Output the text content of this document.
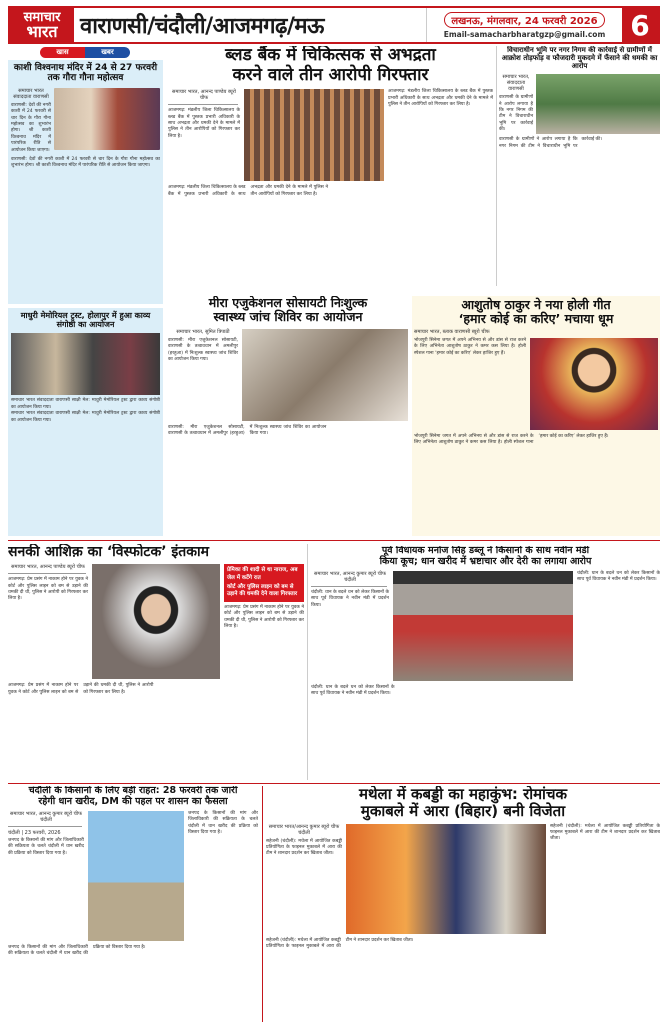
समाचार
भारत वाराणसी/चंदौली/आजमगढ़/मऊ	लखनऊ, मंगलवार, 24 फरवरी 2026
Email-samacharbharatgzp@gmail.com 6
खास	खबर
काशी विश्वनाथ मंदिर में 24 से 27 फरवरी तक गौरा गौना महोत्सव
समाचार भारत संवाददाता वाराणसी
वाराणसी: देवों की नगरी काशी में 24 फरवरी से चार दिन के गौरा गौना महोत्सव का शुभारंभ होगा। श्री काशी विश्वनाथ मंदिर में पारंपरिक रीति से आयोजन किया जाएगा।
वाराणसी: देवों की नगरी काशी में 24 फरवरी से चार दिन के गौरा गौना महोत्सव का शुभारंभ होगा। श्री काशी विश्वनाथ मंदिर में पारंपरिक रीति से आयोजन किया जाएगा।
ब्लड बैंक में चिकित्सक से अभद्रता
करने वाले तीन आरोपी गिरफ्तार
समाचार भारत, आनन्द पाण्डेय ब्यूरो चीफ
आजमगढ़: मंडलीय जिला चिकित्सालय के ब्लड बैंक में पुस्तक प्रभारी अधिकारी के साथ अभद्रता और धमकी देने के मामले में पुलिस ने तीन आरोपियों को गिरफ्तार कर लिया है।
आजमगढ़: मंडलीय जिला चिकित्सालय के ब्लड बैंक में पुस्तक प्रभारी अधिकारी के साथ अभद्रता और धमकी देने के मामले में पुलिस ने तीन आरोपियों को गिरफ्तार कर लिया है।
आजमगढ़: मंडलीय जिला चिकित्सालय के ब्लड बैंक में पुस्तक प्रभारी अधिकारी के साथ अभद्रता और धमकी देने के मामले में पुलिस ने तीन आरोपियों को गिरफ्तार कर लिया है।
विचाराधीन भूमि पर नगर निगम की कार्रवाई से ग्रामीणों में आक्रोश तोड़फोड़ व फौजदारी मुकदमे में फँसाने की धमकी का आरोप
समाचार भारत, संवाददाता वाराणसी
वाराणसी के ग्रामीणों ने आरोप लगाया है कि नगर निगम की टीम ने विचाराधीन भूमि पर कार्रवाई की।
वाराणसी के ग्रामीणों ने आरोप लगाया है कि नगर निगम की टीम ने विचाराधीन भूमि पर कार्रवाई की।
माधुरी मेमोरियल ट्रस्ट, होलापुर में हुआ काव्य संगोष्ठी का आयोजन
समाचार भारत संवाददाता वाराणसी साक्षी मेल: माधुरी मेमोरियल ट्रस्ट द्वारा काव्य संगोष्ठी का आयोजन किया गया।
समाचार भारत संवाददाता वाराणसी साक्षी मेल: माधुरी मेमोरियल ट्रस्ट द्वारा काव्य संगोष्ठी का आयोजन किया गया।
मीरा एजुकेशनल सोसायटी निःशुल्क
स्वास्थ्य जांच शिविर का आयोजन
समाचार भारत, सुमित त्रिपाठी
वाराणसी: मीरा एजुकेशनल सोसायटी, वाराणसी के तत्वावधान में अमलीपुर (हरहुआ) में निःशुल्क स्वास्थ्य जांच शिविर का आयोजन किया गया।
वाराणसी: मीरा एजुकेशनल सोसायटी, वाराणसी के तत्वावधान में अमलीपुर (हरहुआ) में निःशुल्क स्वास्थ्य जांच शिविर का आयोजन किया गया।
आशुतोष ठाकुर ने नया होली गीत
‘हमार कोई का करिए’ मचाया धूम
समाचार भारत, ब्लाक वाराणसी ब्यूरो चीफ
भोजपुरी सिनेमा जगत में अपने अभिनय से और डांस से राज करने के लिए अभिनेता आशुतोष ठाकुर ने कमर कस लिया है। होली स्पेशल गाना ‘हमार कोई का करिए’ लेकर हाजिर हुए हैं।
भोजपुरी सिनेमा जगत में अपने अभिनय से और डांस से राज करने के लिए अभिनेता आशुतोष ठाकुर ने कमर कस लिया है। होली स्पेशल गाना ‘हमार कोई का करिए’ लेकर हाजिर हुए हैं।
सनकी आशिक़ का ‘विस्फोटक’ इंतकाम
समाचार भारत, आनन्द पाण्डेय ब्यूरो चीफ
आजमगढ़: प्रेम प्रसंग में नाकाम होने पर युवक ने कोर्ट और पुलिस लाइन को बम से उड़ाने की धमकी दी थी, पुलिस ने आरोपी को गिरफ्तार कर लिया है।
प्रेमिका की शादी से था नाराज, अब जेल में कटेंगे रात
कोर्ट और पुलिस लाइन को बम से उड़ाने की धमकी देने वाला गिरफ्तार
आजमगढ़: प्रेम प्रसंग में नाकाम होने पर युवक ने कोर्ट और पुलिस लाइन को बम से उड़ाने की धमकी दी थी, पुलिस ने आरोपी को गिरफ्तार कर लिया है।
आजमगढ़: प्रेम प्रसंग में नाकाम होने पर युवक ने कोर्ट और पुलिस लाइन को बम से उड़ाने की धमकी दी थी, पुलिस ने आरोपी को गिरफ्तार कर लिया है।
पूर्व विधायक मनोज सिंह डब्लू ने किसानों के साथ नवीन मंडी
किया कूच; धान खरीद में भ्रष्टाचार और देरी का लगाया आरोप
समाचार भारत, आनन्द कुमार ब्यूरो चीफ चंदौली
चंदौली: धान के बदले धन को लेकर किसानों के साथ पूर्व विधायक ने नवीन मंडी में प्रदर्शन किया।
चंदौली: धान के बदले धन को लेकर किसानों के साथ पूर्व विधायक ने नवीन मंडी में प्रदर्शन किया।
चंदौली: धान के बदले धन को लेकर किसानों के साथ पूर्व विधायक ने नवीन मंडी में प्रदर्शन किया।
चंदौली के किसानों के लिए बड़ी राहत: 28 फरवरी तक जारी
रहेगी धान खरीद, DM की पहल पर शासन का फैसला
समाचार भारत, आनन्द कुमार ब्यूरो चीफ चंदौली
चंदौली | 23 फरवरी, 2026
जनपद के किसानों की मांग और जिलाधिकारी की सक्रियता के चलते चंदौली में धान खरीद की प्रक्रिया को विस्तार दिया गया है।
जनपद के किसानों की मांग और जिलाधिकारी की सक्रियता के चलते चंदौली में धान खरीद की प्रक्रिया को विस्तार दिया गया है।
जनपद के किसानों की मांग और जिलाधिकारी की सक्रियता के चलते चंदौली में धान खरीद की प्रक्रिया को विस्तार दिया गया है।
मथेला में कबड्डी का महाकुंभ: रोमांचक
मुकाबले में आरा (बिहार) बनी विजेता
समाचार भारत/आनन्द कुमार ब्यूरो चीफ चंदौली
सहेजनी (चंदौली): मथेला में आयोजित कबड्डी प्रतियोगिता के फाइनल मुकाबले में आरा की टीम ने शानदार प्रदर्शन कर खिताब जीता।
सहेजनी (चंदौली): मथेला में आयोजित कबड्डी प्रतियोगिता के फाइनल मुकाबले में आरा की टीम ने शानदार प्रदर्शन कर खिताब जीता।
सहेजनी (चंदौली): मथेला में आयोजित कबड्डी प्रतियोगिता के फाइनल मुकाबले में आरा की टीम ने शानदार प्रदर्शन कर खिताब जीता।
